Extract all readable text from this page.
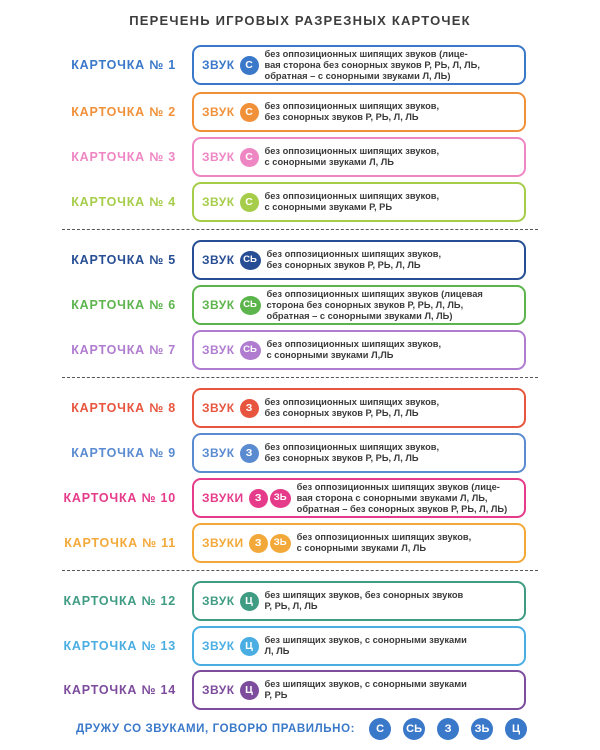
ПЕРЕЧЕНЬ ИГРОВЫХ РАЗРЕЗНЫХ КАРТОЧЕК
КАРТОЧКА № 1	ЗВУК	С
без оппозиционных шипящих звуков (лице-
вая сторона без сонорных звуков Р, РЬ, Л, ЛЬ,
обратная – с сонорными звуками Л, ЛЬ)
КАРТОЧКА № 2	ЗВУК	С	без оппозиционных шипящих звуков,
без сонорных звуков Р, РЬ, Л, ЛЬ
КАРТОЧКА № 3	ЗВУК	С	без оппозиционных шипящих звуков,
с сонорными звуками Л, ЛЬ
КАРТОЧКА № 4	ЗВУК	С	без оппозиционных шипящих звуков,
с сонорными звуками Р, РЬ
КАРТОЧКА № 5	ЗВУК СЬ
без оппозиционных шипящих звуков,
без сонорных звуков Р, РЬ, Л, ЛЬ
КАРТОЧКА № 6	ЗВУК СЬ
без оппозиционных шипящих звуков (лицевая
сторона без сонорных звуков Р, РЬ, Л, ЛЬ,
обратная – с сонорными звуками Л, ЛЬ)
КАРТОЧКА № 7	ЗВУК СЬ
без оппозиционных шипящих звуков,
с сонорными звуками Л,ЛЬ
КАРТОЧКА № 8	ЗВУК	З	без оппозиционных шипящих звуков,
без сонорных звуков Р, РЬ, Л, ЛЬ
КАРТОЧКА № 9	ЗВУК	З	без оппозиционных шипящих звуков,
без сонорных звуков Р, РЬ, Л, ЛЬ
КАРТОЧКА № 10	ЗВУКИ	З	ЗЬ
без оппозиционных шипящих звуков (лице-
вая сторона с сонорными звуками Л, ЛЬ,
обратная – без сонорных звуков Р, РЬ, Л, ЛЬ)
КАРТОЧКА № 11	ЗВУКИ	З	ЗЬ
без оппозиционных шипящих звуков,
с сонорными звуками Л, ЛЬ
КАРТОЧКА № 12	ЗВУК	Ц	без шипящих звуков, без сонорных звуков
Р, РЬ, Л, ЛЬ
КАРТОЧКА № 13	ЗВУК	Ц	без шипящих звуков, с сонорными звуками
Л, ЛЬ
КАРТОЧКА № 14	ЗВУК	Ц	без шипящих звуков, с сонорными звуками
Р, РЬ
ДРУЖУ СО ЗВУКАМИ, ГОВОРЮ ПРАВИЛЬНО:	С	СЬ	З	ЗЬ	Ц
